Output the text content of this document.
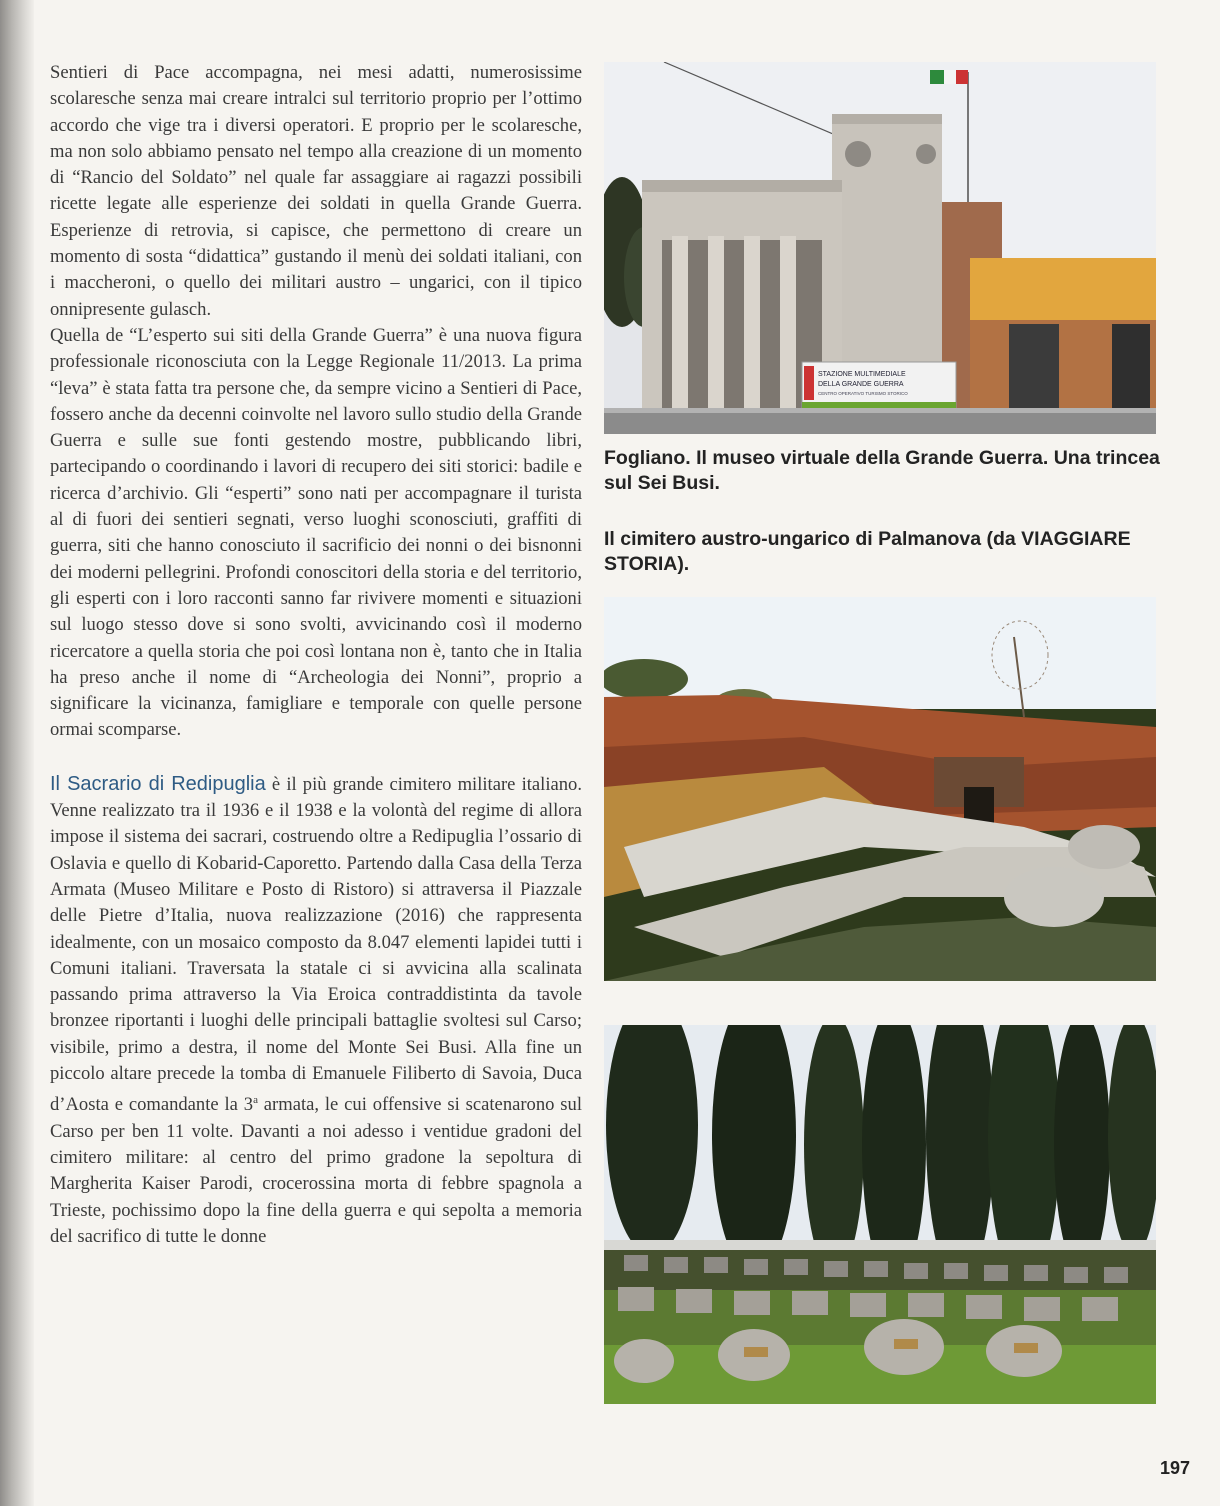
Sentieri di Pace accompagna, nei mesi adatti, numerosissime scolaresche senza mai creare intralci sul territorio proprio per l’ottimo accordo che vige tra i diversi operatori. E proprio per le scolaresche, ma non solo abbiamo pensato nel tempo alla creazione di un momento di “Rancio del Soldato” nel quale far assaggiare ai ragazzi possibili ricette legate alle esperienze dei soldati in quella Grande Guerra. Esperienze di retrovia, si capisce, che permettono di creare un momento di sosta “didattica” gustando il menù dei soldati italiani, con i maccheroni, o quello dei militari austro – ungarici, con il tipico onnipresente gulasch.

Quella de “L’esperto sui siti della Grande Guerra” è una nuova figura professionale riconosciuta con la Legge Regionale 11/2013. La prima “leva” è stata fatta tra persone che, da sempre vicino a Sentieri di Pace, fossero anche da decenni coinvolte nel lavoro sullo studio della Grande Guerra e sulle sue fonti gestendo mostre, pubblicando libri, partecipando o coordinando i lavori di recupero dei siti storici: badile e ricerca d’archivio. Gli “esperti” sono nati per accompagnare il turista al di fuori dei sentieri segnati, verso luoghi sconosciuti, graffiti di guerra, siti che hanno conosciuto il sacrificio dei nonni o dei bisnonni dei moderni pellegrini. Profondi conoscitori della storia e del territorio, gli esperti con i loro racconti sanno far rivivere momenti e situazioni sul luogo stesso dove si sono svolti, avvicinando così il moderno ricercatore a quella storia che poi così lontana non è, tanto che in Italia ha preso anche il nome di “Archeologia dei Nonni”, proprio a significare la vicinanza, famigliare e temporale con quelle persone ormai scomparse.

Il Sacrario di Redipuglia è il più grande cimitero militare italiano. Venne realizzato tra il 1936 e il 1938 e la volontà del regime di allora impose il sistema dei sacrari, costruendo oltre a Redipuglia l’ossario di Oslavia e quello di Kobarid-Caporetto. Partendo dalla Casa della Terza Armata (Museo Militare e Posto di Ristoro) si attraversa il Piazzale delle Pietre d’Italia, nuova realizzazione (2016) che rappresenta idealmente, con un mosaico composto da 8.047 elementi lapidei tutti i Comuni italiani. Traversata la statale ci si avvicina alla scalinata passando prima attraverso la Via Eroica contraddistinta da tavole bronzee riportanti i luoghi delle principali battaglie svoltesi sul Carso; visibile, primo a destra, il nome del Monte Sei Busi. Alla fine un piccolo altare precede la tomba di Emanuele Filiberto di Savoia, Duca d’Aosta e comandante la 3$^a$ armata, le cui offensive si scatenarono sul Carso per ben 11 volte. Davanti a noi adesso i ventidue gradoni del cimitero militare: al centro del primo gradone la sepoltura di Margherita Kaiser Parodi, crocerossina morta di febbre spagnola a Trieste, pochissimo dopo la fine della guerra e qui sepolta a memoria del sacrifico di tutte le donne

STAZIONE MULTIMEDIALE
DELLA GRANDE GUERRA
CENTRO OPERATIVO TURISMO STORICO
Fogliano. Il museo virtuale della Grande Guerra. Una trincea sul Sei Busi.
Il cimitero austro-ungarico di Palmanova (da VIAGGIARE STORIA).
197
